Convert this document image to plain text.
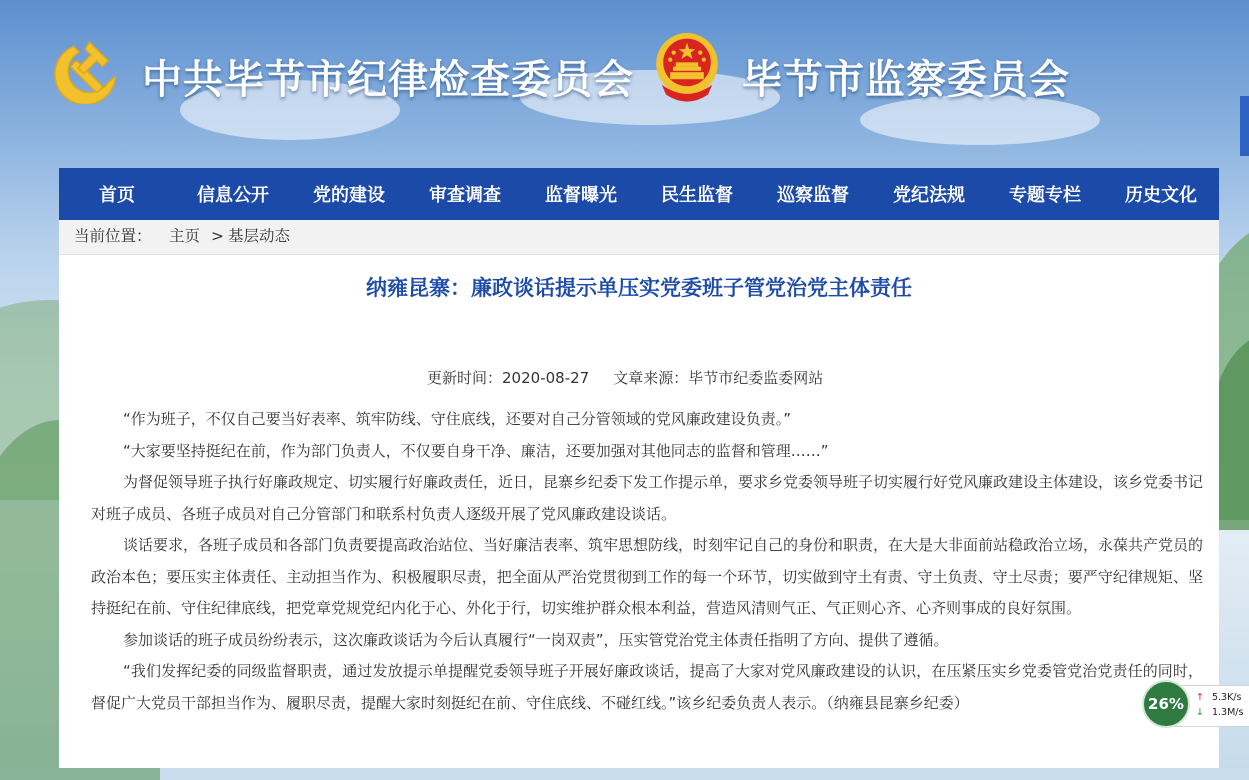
中共毕节市纪律检查委员会	毕节市监察委员会
首页	信息公开	党的建设	审查调查	监督曝光	民生监督	巡察监督	党纪法规	专题专栏	历史文化
当前位置： 主页 > 基层动态
纳雍昆寨：廉政谈话提示单压实党委班子管党治党主体责任
更新时间：2020-08-27 文章来源：毕节市纪委监委网站

“作为班子，不仅自己要当好表率、筑牢防线、守住底线，还要对自己分管领域的党风廉政建设负责。”

“大家要坚持挺纪在前，作为部门负责人，不仅要自身干净、廉洁，还要加强对其他同志的监督和管理……”

为督促领导班子执行好廉政规定、切实履行好廉政责任，近日，昆寨乡纪委下发工作提示单，要求乡党委领导班子切实履行好党风廉政建设主体建设，该乡党委书记对班子成员、各班子成员对自己分管部门和联系村负责人逐级开展了党风廉政建设谈话。

谈话要求，各班子成员和各部门负责要提高政治站位、当好廉洁表率、筑牢思想防线，时刻牢记自己的身份和职责，在大是大非面前站稳政治立场，永葆共产党员的政治本色；要压实主体责任、主动担当作为、积极履职尽责，把全面从严治党贯彻到工作的每一个环节，切实做到守土有责、守土负责、守土尽责；要严守纪律规矩、坚持挺纪在前、守住纪律底线，把党章党规党纪内化于心、外化于行，切实维护群众根本利益，营造风清则气正、气正则心齐、心齐则事成的良好氛围。

参加谈话的班子成员纷纷表示，这次廉政谈话为今后认真履行“一岗双责”，压实管党治党主体责任指明了方向、提供了遵循。

“我们发挥纪委的同级监督职责，通过发放提示单提醒党委领导班子开展好廉政谈话，提高了大家对党风廉政建设的认识，在压紧压实乡党委管党治党责任的同时，督促广大党员干部担当作为、履职尽责，提醒大家时刻挺纪在前、守住底线、不碰红线。”该乡纪委负责人表示。（纳雍县昆寨乡纪委）	26%	↑ 5.3K/s
↓ 1.3M/s
